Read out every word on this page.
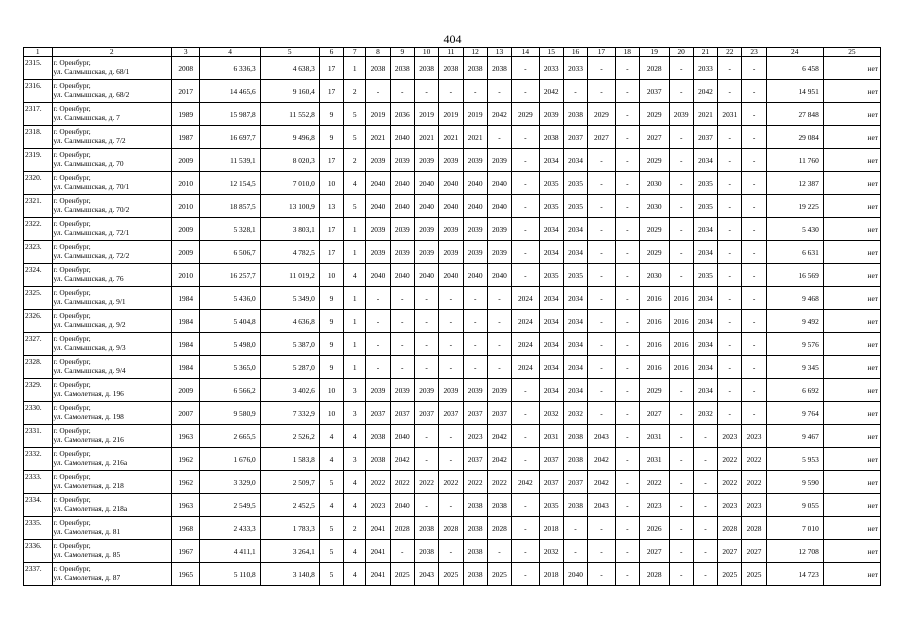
404
1	2	3	4	5	6	7	8	9	10	11	12	13	14	15	16	17	18	19	20	21	22	23	24	25
2315.	г. Оренбург,
ул. Салмышская, д. 68/1	2008	6 336,3	4 638,3	17	1	2038	2038	2038	2038	2038	2038	-	2033	2033	-	-	2028	-	2033	-	-	6 458	нет
2316.	г. Оренбург,
ул. Салмышская, д. 68/2	2017	14 465,6	9 160,4	17	2	-	-	-	-	-	-	-	2042	-	-	-	2037	-	2042	-	-	14 951	нет
2317.	г. Оренбург,
ул. Салмышская, д. 7	1989	15 987,8	11 552,8	9	5	2019	2036	2019	2019	2019	2042	2029	2039	2038	2029	-	2029	2039	2021	2031	-	27 848	нет
2318.	г. Оренбург,
ул. Салмышская, д. 7/2	1987	16 697,7	9 496,8	9	5	2021	2040	2021	2021	2021	-	-	2038	2037	2027	-	2027	-	2037	-	-	29 084	нет
2319.	г. Оренбург,
ул. Салмышская, д. 70	2009	11 539,1	8 020,3	17	2	2039	2039	2039	2039	2039	2039	-	2034	2034	-	-	2029	-	2034	-	-	11 760	нет
2320.	г. Оренбург,
ул. Салмышская, д. 70/1	2010	12 154,5	7 010,0	10	4	2040	2040	2040	2040	2040	2040	-	2035	2035	-	-	2030	-	2035	-	-	12 387	нет
2321.	г. Оренбург,
ул. Салмышская, д. 70/2	2010	18 857,5	13 100,9	13	5	2040	2040	2040	2040	2040	2040	-	2035	2035	-	-	2030	-	2035	-	-	19 225	нет
2322.	г. Оренбург,
ул. Салмышская, д. 72/1	2009	5 328,1	3 803,1	17	1	2039	2039	2039	2039	2039	2039	-	2034	2034	-	-	2029	-	2034	-	-	5 430	нет
2323.	г. Оренбург,
ул. Салмышская, д. 72/2	2009	6 506,7	4 782,5	17	1	2039	2039	2039	2039	2039	2039	-	2034	2034	-	-	2029	-	2034	-	-	6 631	нет
2324.	г. Оренбург,
ул. Салмышская, д. 76	2010	16 257,7	11 019,2	10	4	2040	2040	2040	2040	2040	2040	-	2035	2035	-	-	2030	-	2035	-	-	16 569	нет
2325.	г. Оренбург,
ул. Салмышская, д. 9/1	1984	5 436,0	5 349,0	9	1	-	-	-	-	-	-	2024	2034	2034	-	-	2016	2016	2034	-	-	9 468	нет
2326.	г. Оренбург,
ул. Салмышская, д. 9/2	1984	5 404,8	4 636,8	9	1	-	-	-	-	-	-	2024	2034	2034	-	-	2016	2016	2034	-	-	9 492	нет
2327.	г. Оренбург,
ул. Салмышская, д. 9/3	1984	5 498,0	5 387,0	9	1	-	-	-	-	-	-	2024	2034	2034	-	-	2016	2016	2034	-	-	9 576	нет
2328.	г. Оренбург,
ул. Салмышская, д. 9/4	1984	5 365,0	5 287,0	9	1	-	-	-	-	-	-	2024	2034	2034	-	-	2016	2016	2034	-	-	9 345	нет
2329.	г. Оренбург,
ул. Самолетная, д. 196	2009	6 566,2	3 402,6	10	3	2039	2039	2039	2039	2039	2039	-	2034	2034	-	-	2029	-	2034	-	-	6 692	нет
2330.	г. Оренбург,
ул. Самолетная, д. 198	2007	9 580,9	7 332,9	10	3	2037	2037	2037	2037	2037	2037	-	2032	2032	-	-	2027	-	2032	-	-	9 764	нет
2331.	г. Оренбург,
ул. Самолетная, д. 216	1963	2 665,5	2 526,2	4	4	2038	2040	-	-	2023	2042	-	2031	2038	2043	-	2031	-	-	2023	2023	9 467	нет
2332.	г. Оренбург,
ул. Самолетная, д. 216а	1962	1 676,0	1 583,8	4	3	2038	2042	-	-	2037	2042	-	2037	2038	2042	-	2031	-	-	2022	2022	5 953	нет
2333.	г. Оренбург,
ул. Самолетная, д. 218	1962	3 329,0	2 509,7	5	4	2022	2022	2022	2022	2022	2022	2042	2037	2037	2042	-	2022	-	-	2022	2022	9 590	нет
2334.	г. Оренбург,
ул. Самолетная, д. 218а	1963	2 549,5	2 452,5	4	4	2023	2040	-	-	2038	2038	-	2035	2038	2043	-	2023	-	-	2023	2023	9 055	нет
2335.	г. Оренбург,
ул. Самолетная, д. 81	1968	2 433,3	1 783,3	5	2	2041	2028	2038	2028	2038	2028	-	2018	-	-	-	2026	-	-	2028	2028	7 010	нет
2336.	г. Оренбург,
ул. Самолетная, д. 85	1967	4 411,1	3 264,1	5	4	2041	-	2038	-	2038	-	-	2032	-	-	-	2027	-	-	2027	2027	12 708	нет
2337.	г. Оренбург,
ул. Самолетная, д. 87	1965	5 110,8	3 140,8	5	4	2041	2025	2043	2025	2038	2025	-	2018	2040	-	-	2028	-	-	2025	2025	14 723	нет
